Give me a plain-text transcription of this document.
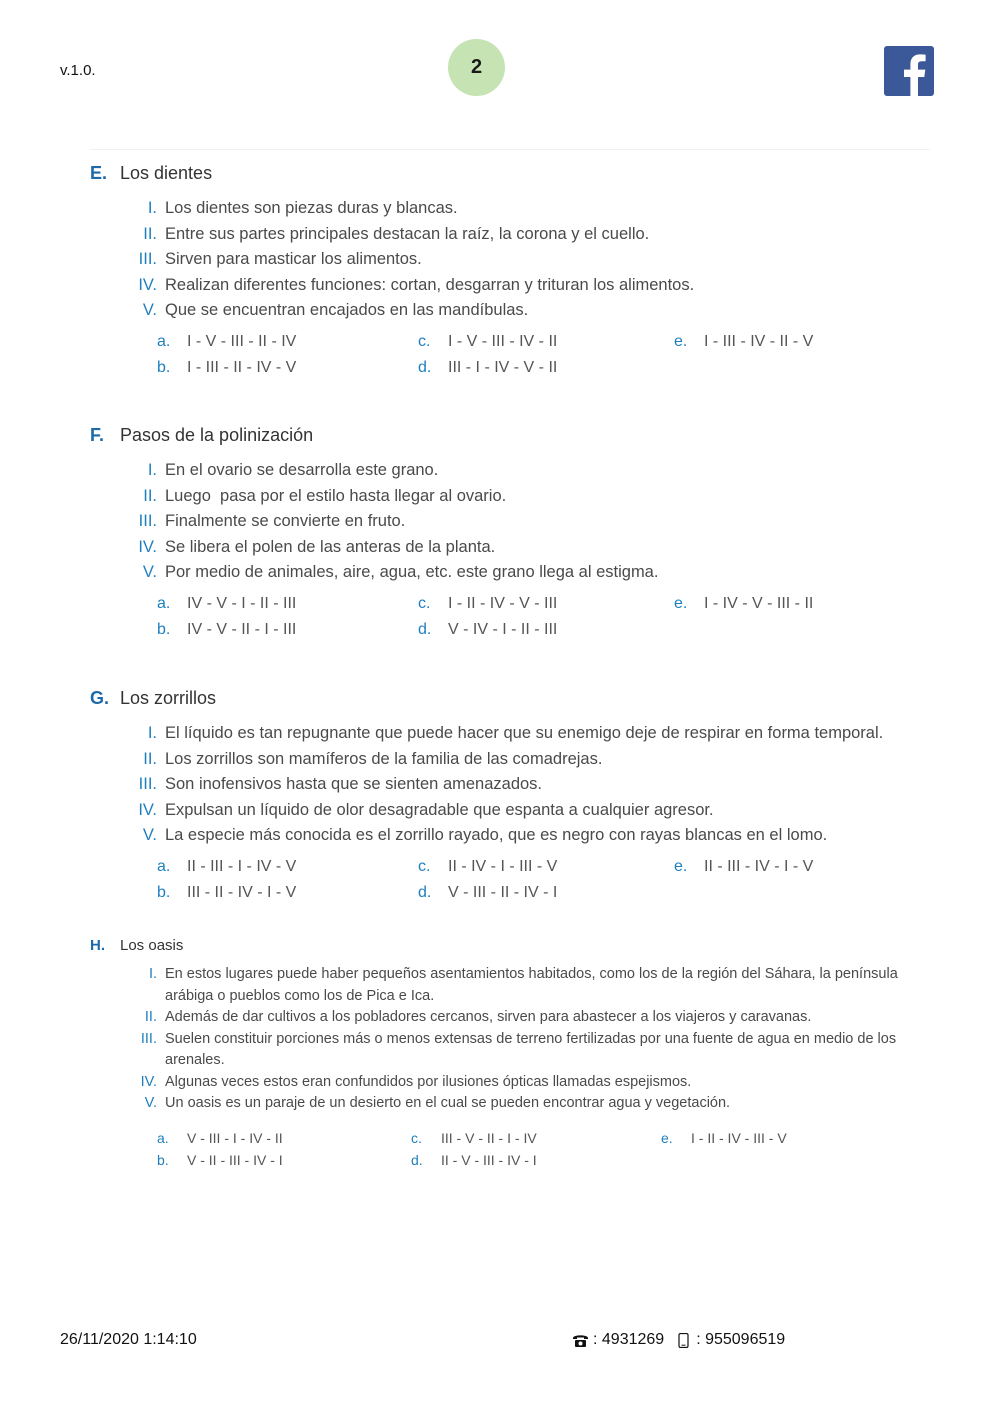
v.1.0.	2
E. Los dientes
I. Los dientes son piezas duras y blancas.
II. Entre sus partes principales destacan la raíz, la corona y el cuello.
III. Sirven para masticar los alimentos.
IV. Realizan diferentes funciones: cortan, desgarran y trituran los alimentos.
V. Que se encuentran encajados en las mandíbulas.
a.	I - V - III - II - IV	c.	I - V - III - IV - II	e.	I - III - IV - II - V
b.	I - III - II - IV - V	d.	III - I - IV - V - II
F. Pasos de la polinización
I. En el ovario se desarrolla este grano.
II. Luego  pasa por el estilo hasta llegar al ovario.
III. Finalmente se convierte en fruto.
IV. Se libera el polen de las anteras de la planta.
V. Por medio de animales, aire, agua, etc. este grano llega al estigma.
a.	IV - V - I - II - III	c.	I - II - IV - V - III	e.	I - IV - V - III - II
b.	IV - V - II - I - III	d.	V - IV - I - II - III
G. Los zorrillos
I. El líquido es tan repugnante que puede hacer que su enemigo deje de respirar en forma temporal.
II. Los zorrillos son mamíferos de la familia de las comadrejas.
III. Son inofensivos hasta que se sienten amenazados.
IV. Expulsan un líquido de olor desagradable que espanta a cualquier agresor.
V. La especie más conocida es el zorrillo rayado, que es negro con rayas blancas en el lomo.
a.	II - III - I - IV - V	c.	II - IV - I - III - V	e.	II - III - IV - I - V
b.	III - II - IV - I - V	d.	V - III - II - IV - I
H.	Los oasis
I. En estos lugares puede haber pequeños asentamientos habitados, como los de la región del Sáhara, la península arábiga o pueblos como los de Pica e Ica.
II. Además de dar cultivos a los pobladores cercanos, sirven para abastecer a los viajeros y caravanas.
III. Suelen constituir porciones más o menos extensas de terreno fertilizadas por una fuente de agua en medio de los arenales.
IV. Algunas veces estos eran confundidos por ilusiones ópticas llamadas espejismos.
V. Un oasis es un paraje de un desierto en el cual se pueden encontrar agua y vegetación.
a.	V - III - I - IV - II	c.	III - V - II - I - IV	e.	I - II - IV - III - V
b.	V - II - III - IV - I	d.	II - V - III - IV - I
26/11/2020 1:14:10	: 4931269 : 955096519
